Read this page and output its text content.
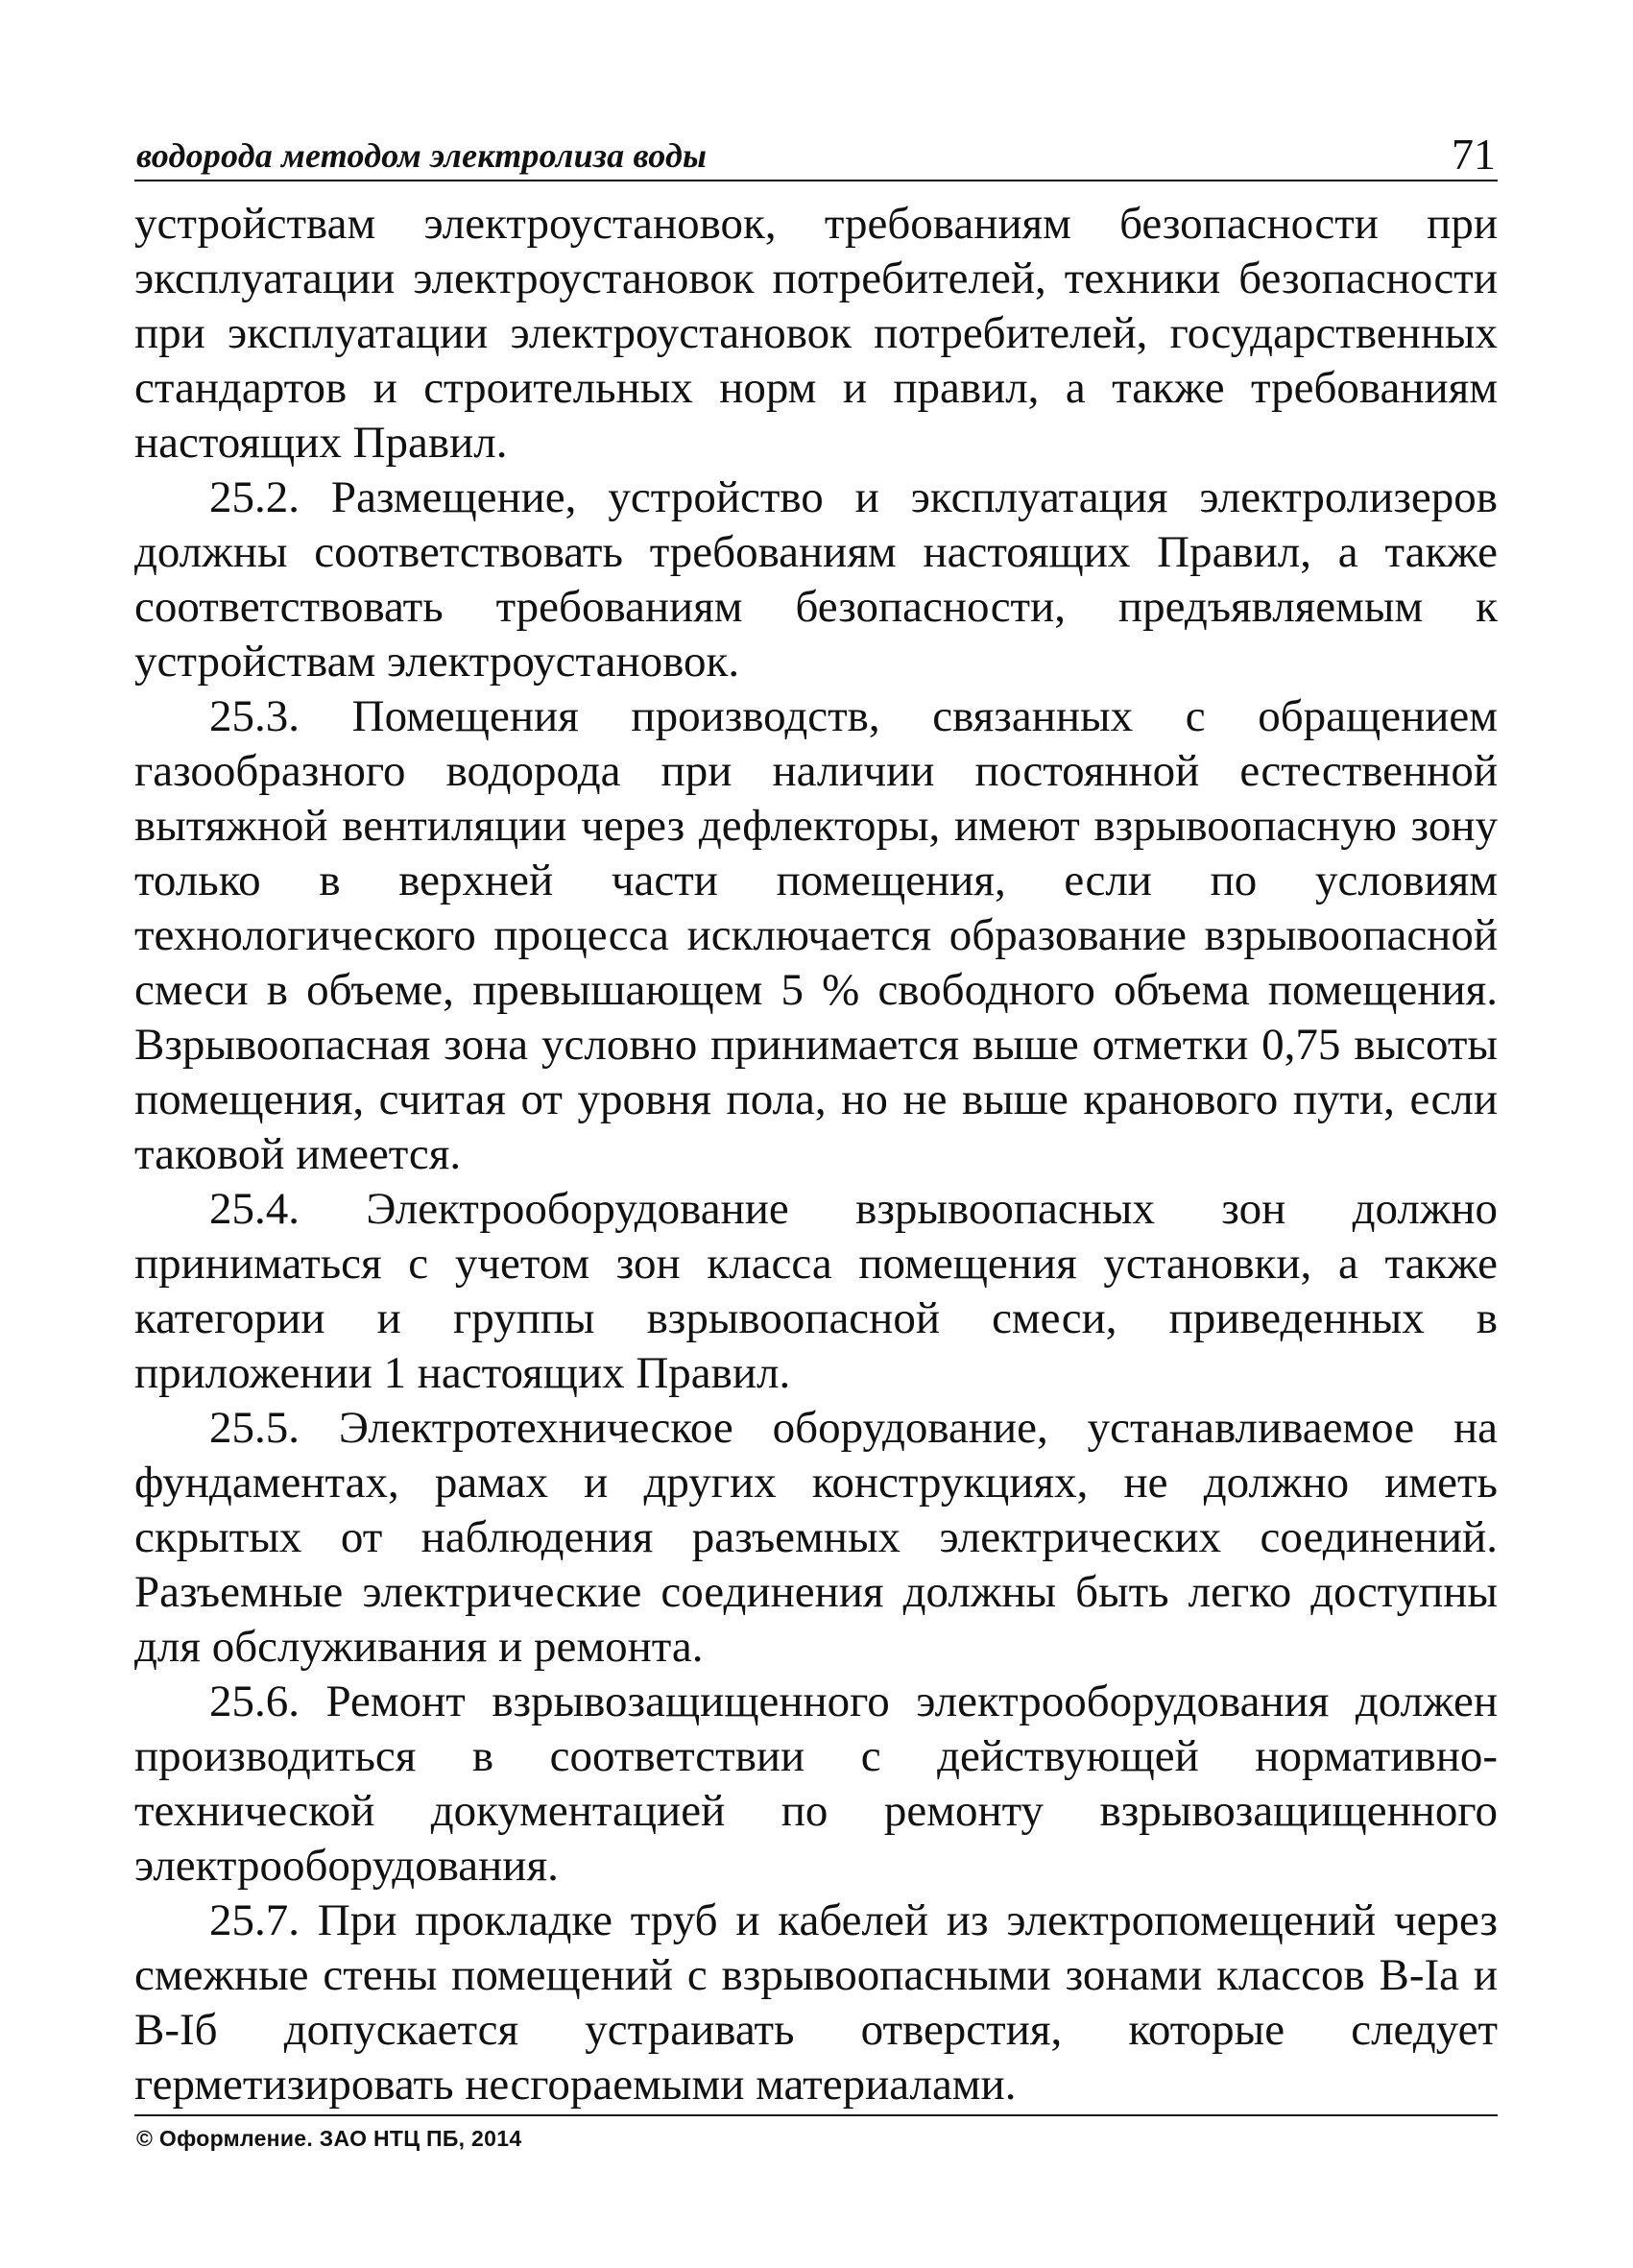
водорода методом электролиза воды	71

устройствам электроустановок, требованиям безопасности при эксплуатации электроустановок потребителей, техники безопасности при эксплуатации электроустановок потребителей, государственных стандартов и строительных норм и правил, а также требованиям настоящих Правил.

25.2. Размещение, устройство и эксплуатация электролизеров должны соответствовать требованиям настоящих Правил, а также соответствовать требованиям безопасности, предъявляемым к устройствам электроустановок.

25.3. Помещения производств, связанных с обращением газообразного водорода при наличии постоянной естественной вытяжной вентиляции через дефлекторы, имеют взрывоопасную зону только в верхней части помещения, если по условиям технологического процесса исключается образование взрывоопасной смеси в объеме, превышающем 5 % свободного объема помещения. Взрывоопасная зона условно принимается выше отметки 0,75 высоты помещения, считая от уровня пола, но не выше кранового пути, если таковой имеется.

25.4. Электрооборудование взрывоопасных зон должно приниматься с учетом зон класса помещения установки, а также категории и группы взрывоопасной смеси, приведенных в приложении 1 настоящих Правил.

25.5. Электротехническое оборудование, устанавливаемое на фундаментах, рамах и других конструкциях, не должно иметь скрытых от наблюдения разъемных электрических соединений. Разъемные электрические соединения должны быть легко доступны для обслуживания и ремонта.

25.6. Ремонт взрывозащищенного электрооборудования должен производиться в соответствии с действующей нормативно-технической документацией по ремонту взрывозащищенного электрооборудования.

25.7. При прокладке труб и кабелей из электропомещений через смежные стены помещений с взрывоопасными зонами классов В-Iа и В-Iб допускается устраивать отверстия, которые следует герметизировать несгораемыми материалами.

© Оформление. ЗАО НТЦ ПБ, 2014
